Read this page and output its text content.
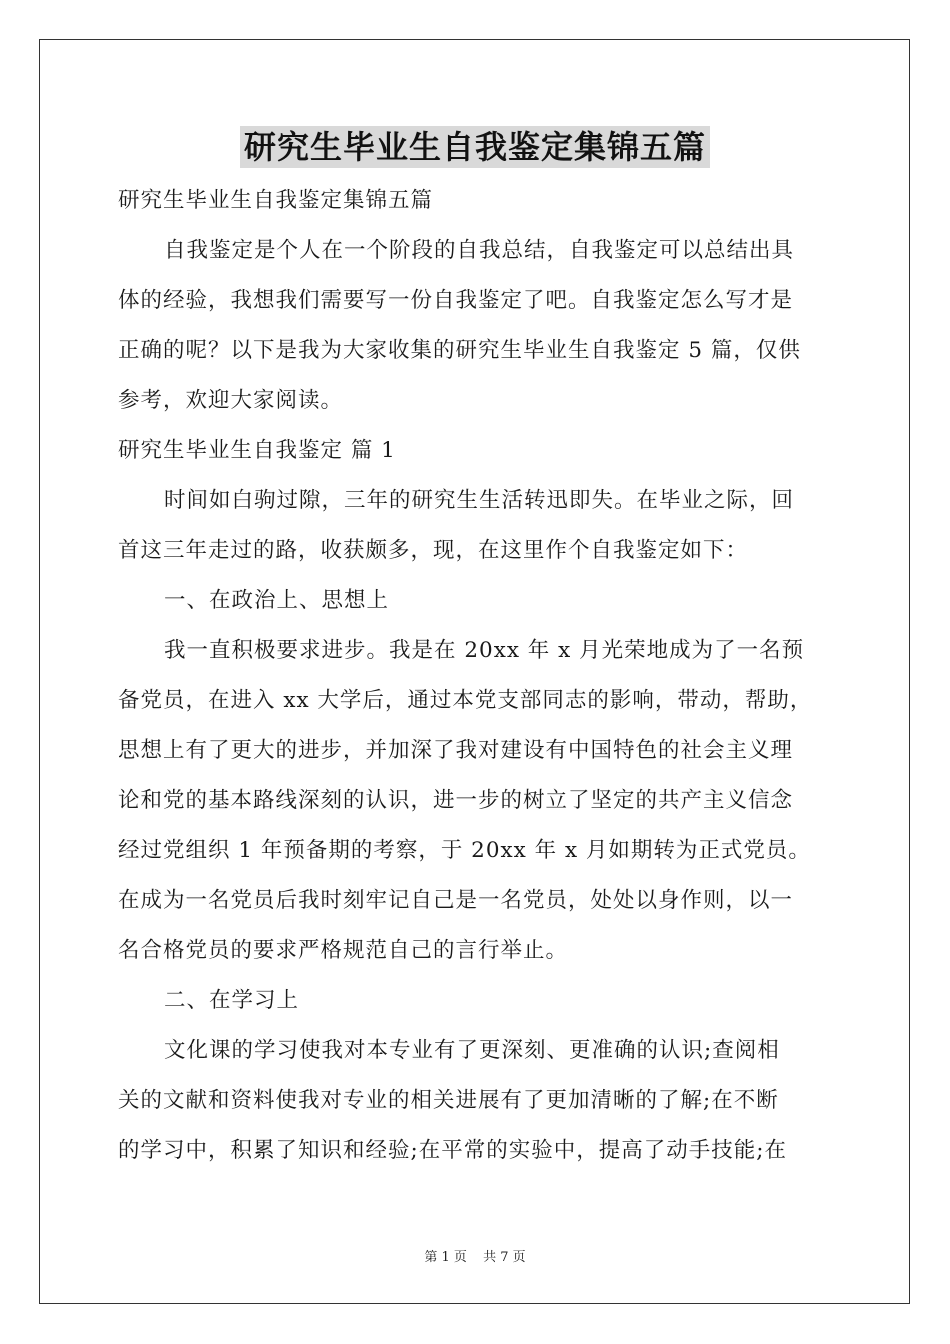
研究生毕业生自我鉴定集锦五篇
研究生毕业生自我鉴定集锦五篇
自我鉴定是个人在一个阶段的自我总结，自我鉴定可以总结出具
体的经验，我想我们需要写一份自我鉴定了吧。自我鉴定怎么写才是
正确的呢？以下是我为大家收集的研究生毕业生自我鉴定 5 篇，仅供
参考，欢迎大家阅读。
研究生毕业生自我鉴定 篇 1
时间如白驹过隙，三年的研究生生活转迅即失。在毕业之际，回
首这三年走过的路，收获颇多，现，在这里作个自我鉴定如下：
一、在政治上、思想上
我一直积极要求进步。我是在 20xx 年 x 月光荣地成为了一名预
备党员，在进入 xx 大学后，通过本党支部同志的影响，带动，帮助，
思想上有了更大的进步，并加深了我对建设有中国特色的社会主义理
论和党的基本路线深刻的认识，进一步的树立了坚定的共产主义信念
经过党组织 1 年预备期的考察，于 20xx 年 x 月如期转为正式党员。
在成为一名党员后我时刻牢记自己是一名党员，处处以身作则，以一
名合格党员的要求严格规范自己的言行举止。
二、在学习上
文化课的学习使我对本专业有了更深刻、更准确的认识;查阅相
关的文献和资料使我对专业的相关进展有了更加清晰的了解;在不断
的学习中，积累了知识和经验;在平常的实验中，提高了动手技能;在
第 1 页 共 7 页
